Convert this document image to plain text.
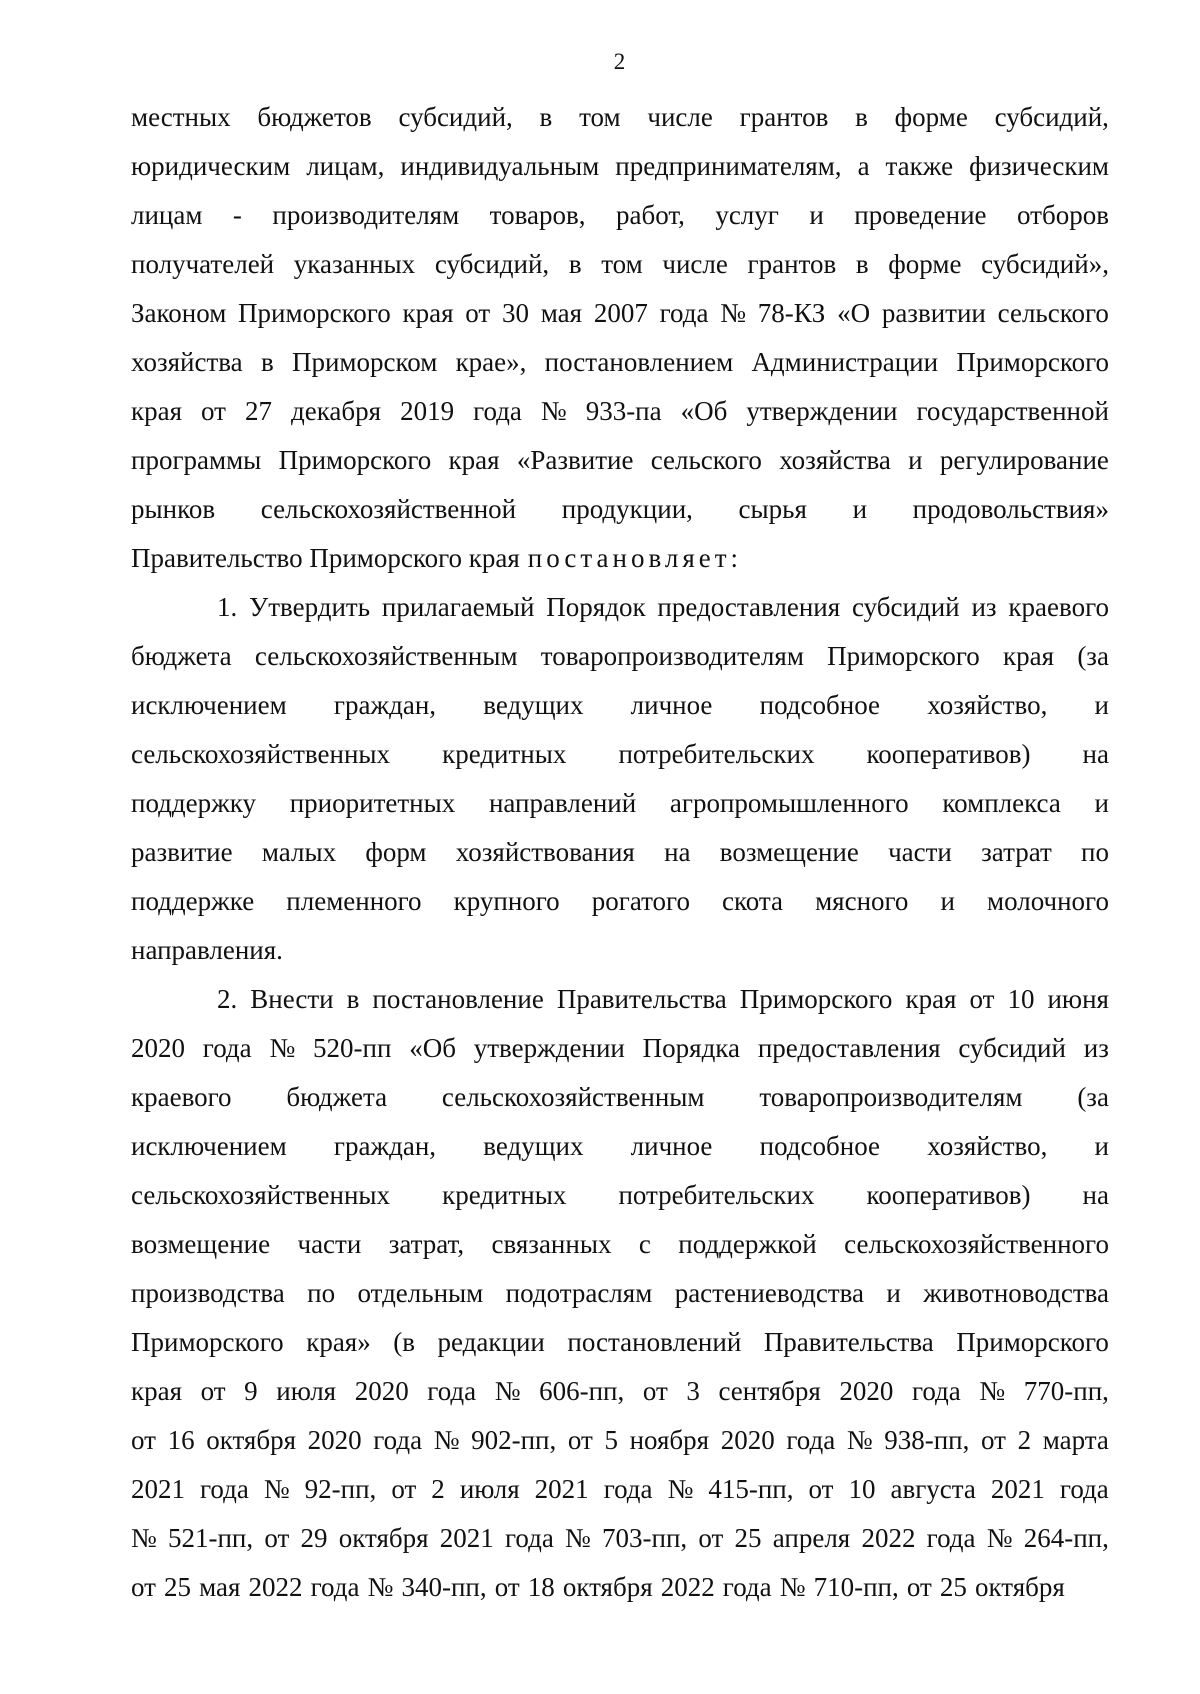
2
местных бюджетов субсидий, в том числе грантов в форме субсидий,
юридическим лицам, индивидуальным предпринимателям, а также физическим
лицам - производителям товаров, работ, услуг и проведение отборов
получателей указанных субсидий, в том числе грантов в форме субсидий»,
Законом Приморского края от 30 мая 2007 года № 78-КЗ «О развитии сельского
хозяйства в Приморском крае», постановлением Администрации Приморского
края от 27 декабря 2019 года № 933-па «Об утверждении государственной
программы Приморского края «Развитие сельского хозяйства и регулирование
рынков сельскохозяйственной продукции, сырья и продовольствия»
Правительство Приморского края постановляет:
1. Утвердить прилагаемый Порядок предоставления субсидий из краевого
бюджета сельскохозяйственным товаропроизводителям Приморского края (за
исключением граждан, ведущих личное подсобное хозяйство, и
сельскохозяйственных кредитных потребительских кооперативов) на
поддержку приоритетных направлений агропромышленного комплекса и
развитие малых форм хозяйствования на возмещение части затрат по
поддержке племенного крупного рогатого скота мясного и молочного
направления.
2. Внести в постановление Правительства Приморского края от 10 июня
2020 года № 520-пп «Об утверждении Порядка предоставления субсидий из
краевого бюджета сельскохозяйственным товаропроизводителям (за
исключением граждан, ведущих личное подсобное хозяйство, и
сельскохозяйственных кредитных потребительских кооперативов) на
возмещение части затрат, связанных с поддержкой сельскохозяйственного
производства по отдельным подотраслям растениеводства и животноводства
Приморского края» (в редакции постановлений Правительства Приморского
края от 9 июля 2020 года № 606-пп, от 3 сентября 2020 года № 770-пп,
от 16 октября 2020 года № 902-пп, от 5 ноября 2020 года № 938-пп, от 2 марта
2021 года № 92-пп, от 2 июля 2021 года № 415-пп, от 10 августа 2021 года
№ 521-пп, от 29 октября 2021 года № 703-пп, от 25 апреля 2022 года № 264-пп,
от 25 мая 2022 года № 340-пп, от 18 октября 2022 года № 710-пп, от 25 октября
